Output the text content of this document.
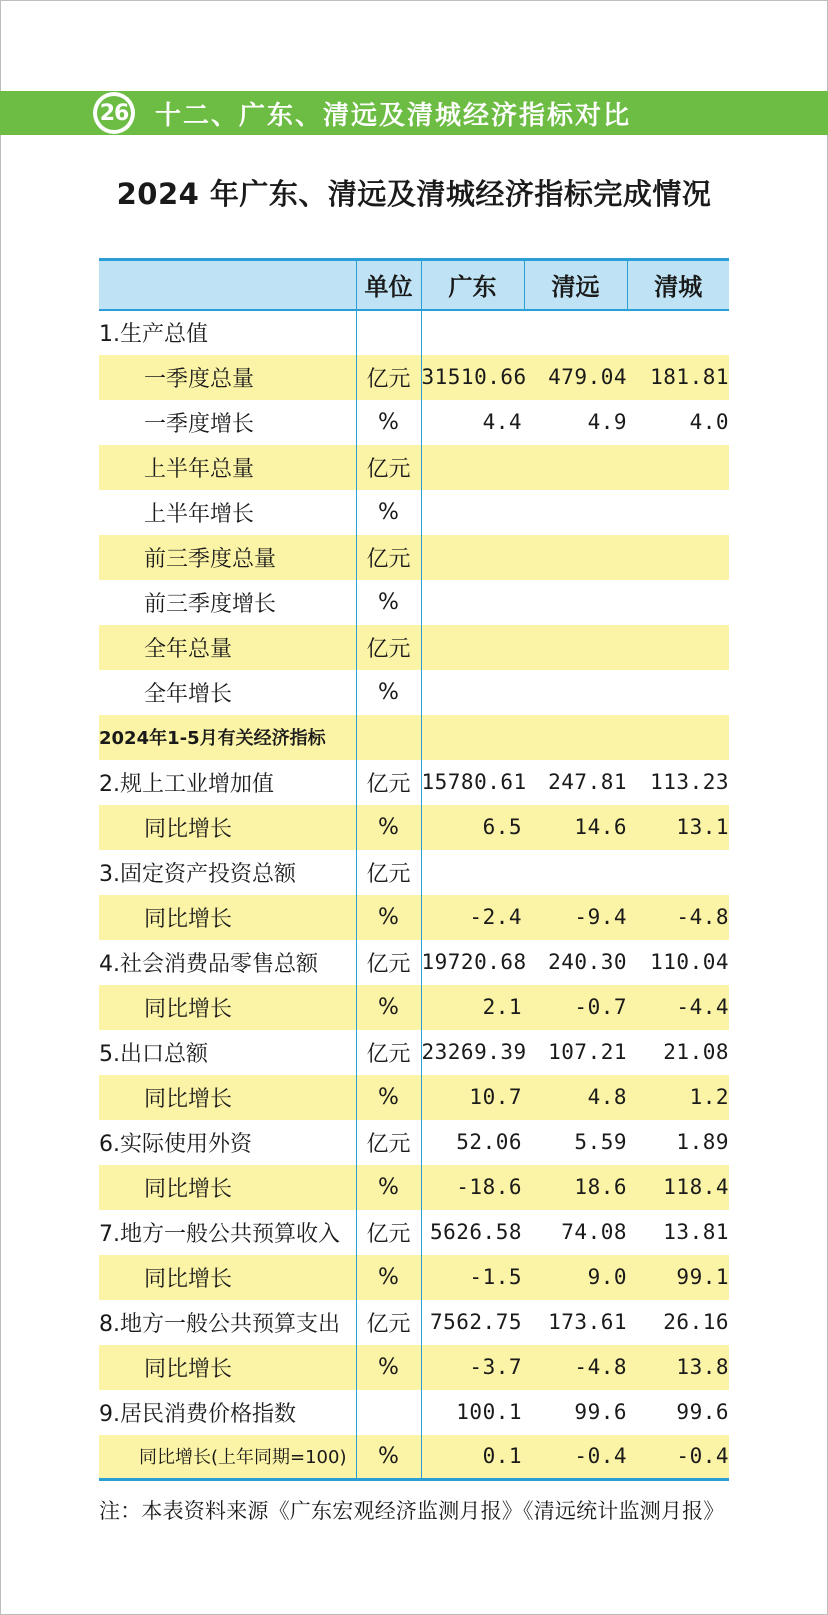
26 十二、广东、清远及清城经济指标对比
2024 年广东、清远及清城经济指标完成情况
	单位	广东	清远	清城
1.生产总值				
一季度总量	亿元	31510.66	479.04	181.81
一季度增长	%	4.4	4.9	4.0
上半年总量	亿元			
上半年增长	%			
前三季度总量	亿元			
前三季度增长	%			
全年总量	亿元			
全年增长	%			
2024年1-5月有关经济指标				
2.规上工业增加值	亿元	15780.61	247.81	113.23
同比增长	%	6.5	14.6	13.1
3.固定资产投资总额	亿元			
同比增长	%	-2.4	-9.4	-4.8
4.社会消费品零售总额	亿元	19720.68	240.30	110.04
同比增长	%	2.1	-0.7	-4.4
5.出口总额	亿元	23269.39	107.21	21.08
同比增长	%	10.7	4.8	1.2
6.实际使用外资	亿元	52.06	5.59	1.89
同比增长	%	-18.6	18.6	118.4
7.地方一般公共预算收入	亿元	5626.58	74.08	13.81
同比增长	%	-1.5	9.0	99.1
8.地方一般公共预算支出	亿元	7562.75	173.61	26.16
同比增长	%	-3.7	-4.8	13.8
9.居民消费价格指数		100.1	99.6	99.6
同比增长(上年同期=100)	%	0.1	-0.4	-0.4
注：本表资料来源《广东宏观经济监测月报》《清远统计监测月报》
